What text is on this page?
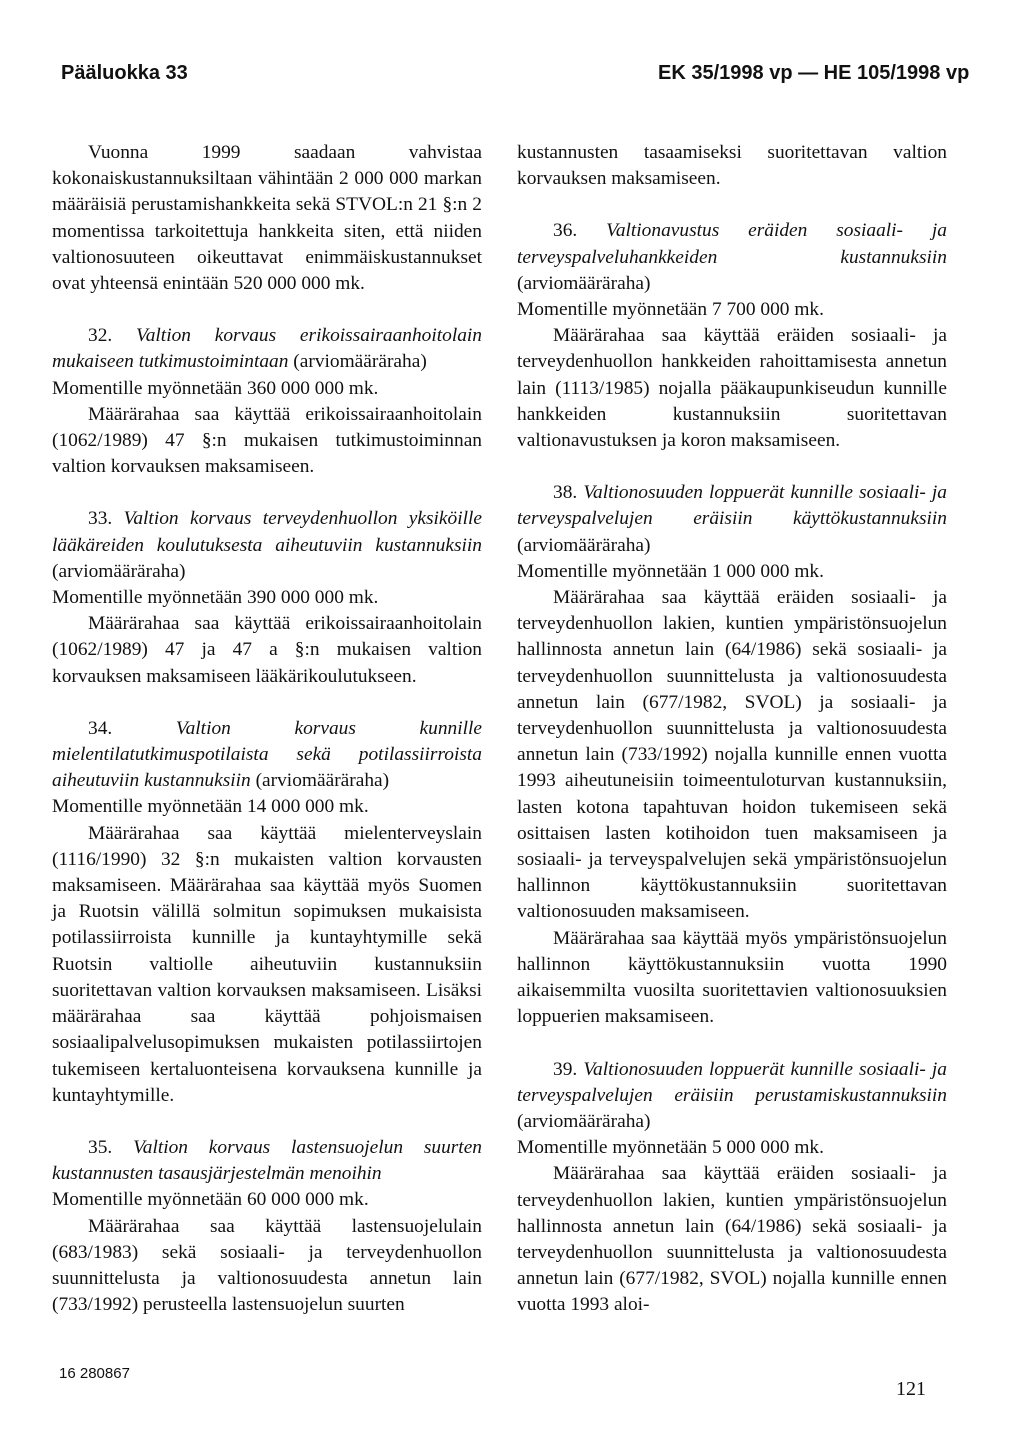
Pääluokka 33	EK 35/1998 vp — HE 105/1998 vp

Vuonna 1999 saadaan vahvistaa kokonaiskustannuksiltaan vähintään 2 000 000 markan määräisiä perustamishankkeita sekä STVOL:n 21 §:n 2 momentissa tarkoitettuja hankkeita siten, että niiden valtionosuuteen oikeuttavat enimmäiskustannukset ovat yhteensä enintään 520 000 000 mk.

32. Valtion korvaus erikoissairaanhoitolain mukaiseen tutkimustoimintaan (arviomääräraha)

Momentille myönnetään 360 000 000 mk.

Määrärahaa saa käyttää erikoissairaanhoitolain (1062/1989) 47 §:n mukaisen tutkimustoiminnan valtion korvauksen maksamiseen.

33. Valtion korvaus terveydenhuollon yksiköille lääkäreiden koulutuksesta aiheutuviin kustannuksiin (arviomääräraha)

Momentille myönnetään 390 000 000 mk.

Määrärahaa saa käyttää erikoissairaanhoitolain (1062/1989) 47 ja 47 a §:n mukaisen valtion korvauksen maksamiseen lääkärikoulutukseen.

34.	Valtion korvaus kunnille mielentilatutkimuspotilaista sekä potilassiirroista aiheutuviin kustannuksiin (arviomääräraha)

Momentille myönnetään 14 000 000 mk.

Määrärahaa saa käyttää mielenterveyslain (1116/1990) 32 §:n mukaisten valtion korvausten maksamiseen. Määrärahaa saa käyttää myös Suomen ja Ruotsin välillä solmitun sopimuksen mukaisista potilassiirroista kunnille ja kuntayhtymille sekä Ruotsin valtiolle aiheutuviin kustannuksiin suoritettavan valtion korvauksen maksamiseen. Lisäksi määrärahaa saa käyttää pohjoismaisen sosiaalipalvelusopimuksen mukaisten potilassiirtojen tukemiseen kertaluonteisena korvauksena kunnille ja kuntayhtymille.

35. Valtion korvaus lastensuojelun suurten kustannusten tasausjärjestelmän menoihin

Momentille myönnetään 60 000 000 mk.

Määrärahaa saa käyttää lastensuojelulain (683/1983) sekä sosiaali- ja terveydenhuollon suunnittelusta ja valtionosuudesta annetun lain (733/1992) perusteella lastensuojelun suurten

kustannusten tasaamiseksi suoritettavan valtion korvauksen maksamiseen.

36. Valtionavustus eräiden sosiaali- ja terveyspalveluhankkeiden kustannuksiin (arviomääräraha)

Momentille myönnetään 7 700 000 mk.

Määrärahaa saa käyttää eräiden sosiaali- ja terveydenhuollon hankkeiden rahoittamisesta annetun lain (1113/1985) nojalla pääkaupunkiseudun kunnille hankkeiden kustannuksiin suoritettavan valtionavustuksen ja koron maksamiseen.

38. Valtionosuuden loppuerät kunnille sosiaali- ja terveyspalvelujen eräisiin käyttökustannuksiin (arviomääräraha)

Momentille myönnetään 1 000 000 mk.

Määrärahaa saa käyttää eräiden sosiaali- ja terveydenhuollon lakien, kuntien ympäristönsuojelun hallinnosta annetun lain (64/1986) sekä sosiaali- ja terveydenhuollon suunnittelusta ja valtionosuudesta annetun lain (677/1982, SVOL) ja sosiaali- ja terveydenhuollon suunnittelusta ja valtionosuudesta annetun lain (733/1992) nojalla kunnille ennen vuotta 1993 aiheutuneisiin toimeentuloturvan kustannuksiin, lasten kotona tapahtuvan hoidon tukemiseen sekä osittaisen lasten kotihoidon tuen maksamiseen ja sosiaali- ja terveyspalvelujen sekä ympäristönsuojelun hallinnon käyttökustannuksiin suoritettavan valtionosuuden maksamiseen.

Määrärahaa saa käyttää myös ympäristönsuojelun hallinnon käyttökustannuksiin vuotta 1990 aikaisemmilta vuosilta suoritettavien valtionosuuksien loppuerien maksamiseen.

39. Valtionosuuden loppuerät kunnille sosiaali- ja terveyspalvelujen eräisiin perustamiskustannuksiin (arviomääräraha)

Momentille myönnetään 5 000 000 mk.

Määrärahaa saa käyttää eräiden sosiaali- ja terveydenhuollon lakien, kuntien ympäristönsuojelun hallinnosta annetun lain (64/1986) sekä sosiaali- ja terveydenhuollon suunnittelusta ja valtionosuudesta annetun lain (677/1982, SVOL) nojalla kunnille ennen vuotta 1993 aloi-

16 280867
121
